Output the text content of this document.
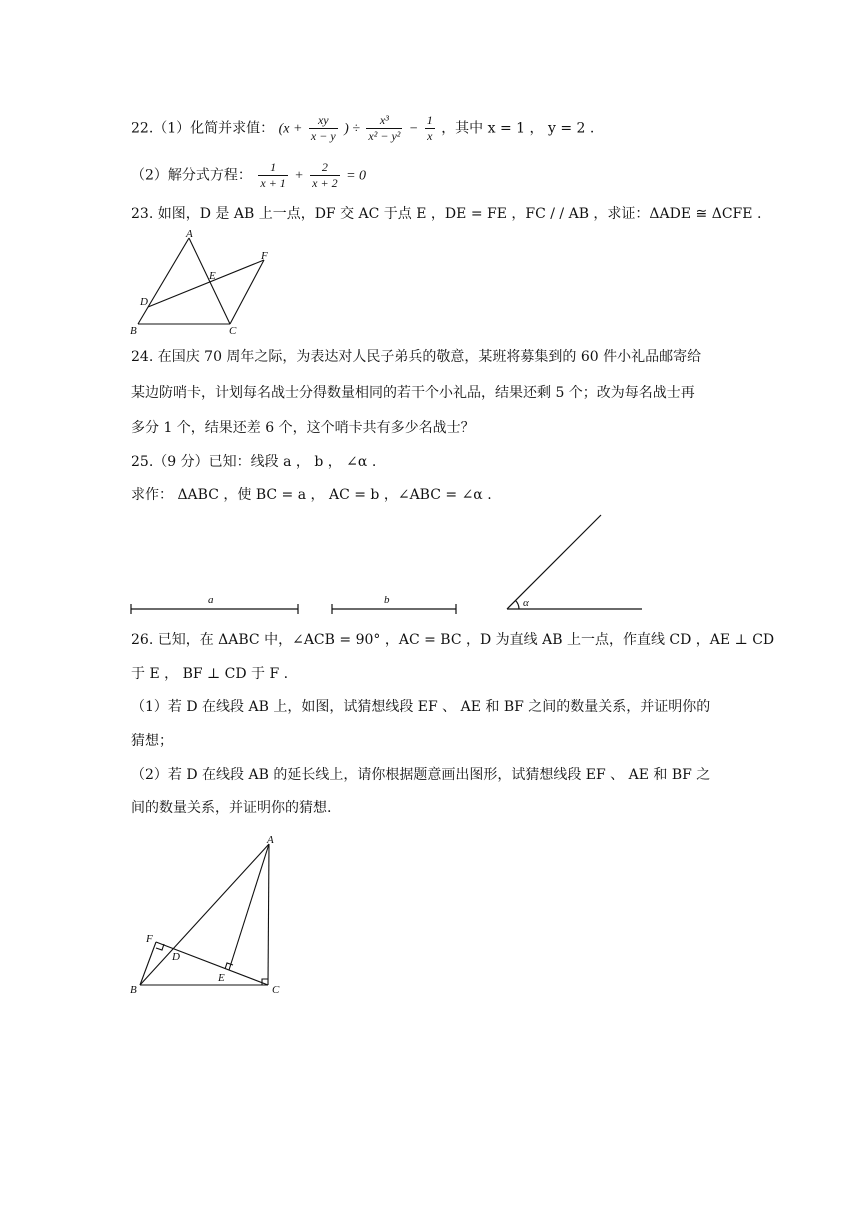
22.（1）化简并求值： ($x + \frac{xy}{x - y}$ ) ÷ $\frac{\text{x³}}{\text{x² − y²}} - \frac{1}{x}$ ，其中 x = 1 ， y = 2 .
（2）解分式方程： $\frac{1}{x + 1} + \frac{2}{x + 2} = 0$
23. 如图，D 是 AB 上一点，DF 交 AC 于点 E ，DE = FE ，FC / / AB ，求证：ΔADE ≅ ΔCFE .
A
B	C
D
E
F
24. 在国庆 70 周年之际，为表达对人民子弟兵的敬意，某班将募集到的 60 件小礼品邮寄给
某边防哨卡，计划每名战士分得数量相同的若干个小礼品，结果还剩 5 个；改为每名战士再
多分 1 个，结果还差 6 个，这个哨卡共有多少名战士？
25.（9 分）已知：线段 a ， b ， ∠α .
求作： ΔABC ，使 BC = a ， AC = b ，∠ABC = ∠α .
a	b	α
26. 已知，在 ΔABC 中，∠ACB = 90° ，AC = BC ，D 为直线 AB 上一点，作直线 CD ，AE ⊥ CD
于 E ， BF ⊥ CD 于 F .
（1）若 D 在线段 AB 上，如图，试猜想线段 EF 、 AE 和 BF 之间的数量关系，并证明你的
猜想；
（2）若 D 在线段 AB 的延长线上，请你根据题意画出图形，试猜想线段 EF 、 AE 和 BF 之
间的数量关系，并证明你的猜想.
A
B	C
D
E
F
